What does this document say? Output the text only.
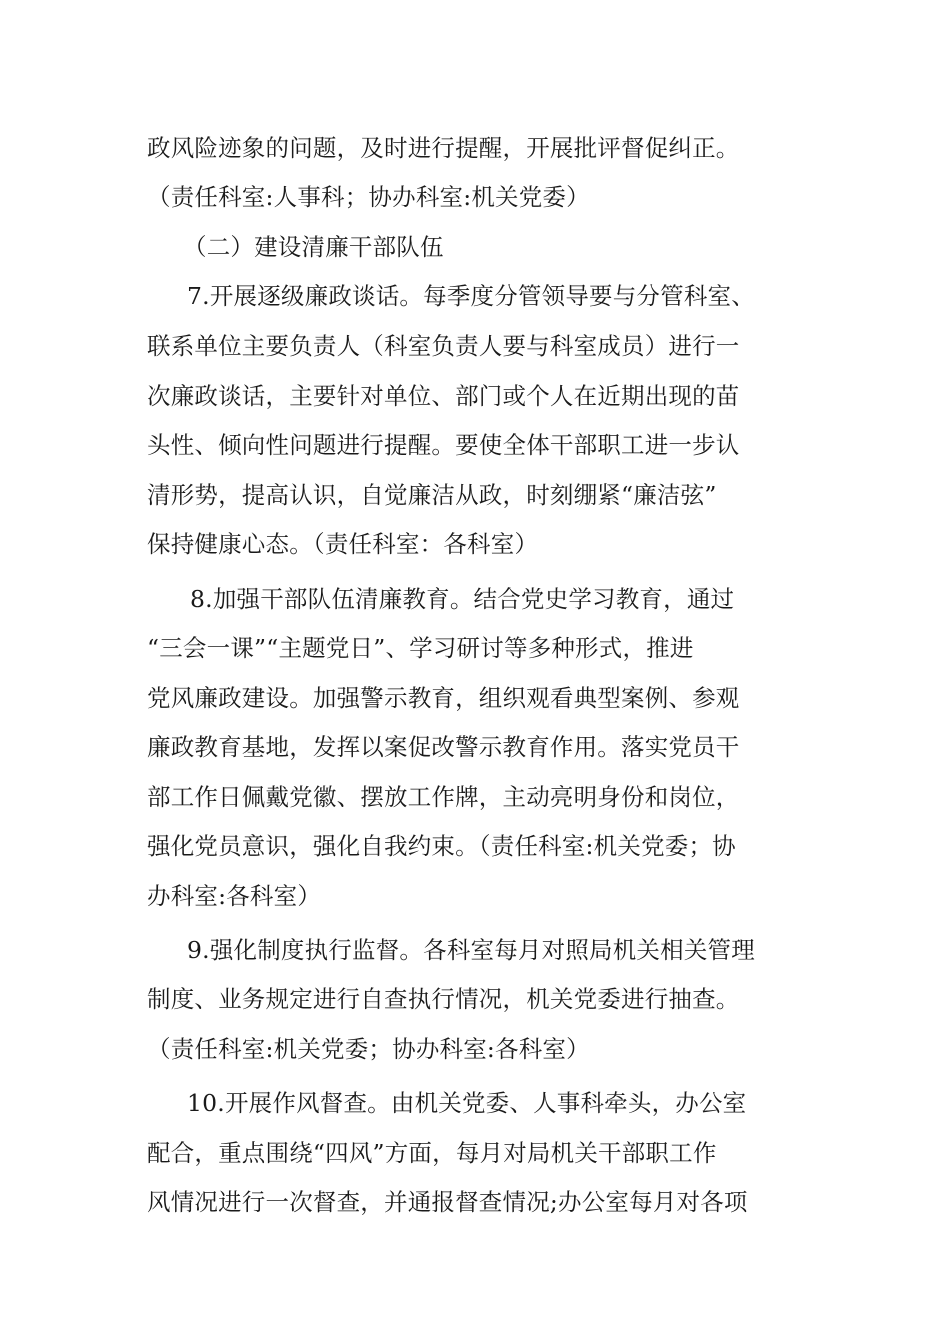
政风险迹象的问题，及时进行提醒，开展批评督促纠正。
（责任科室:人事科；协办科室:机关党委）
（二）建设清廉干部队伍
7.开展逐级廉政谈话。每季度分管领导要与分管科室、
联系单位主要负责人（科室负责人要与科室成员）进行一
次廉政谈话，主要针对单位、部门或个人在近期出现的苗
头性、倾向性问题进行提醒。要使全体干部职工进一步认
清形势，提高认识，自觉廉洁从政，时刻绷紧“廉洁弦”
保持健康心态。（责任科室：各科室）
8.加强干部队伍清廉教育。结合党史学习教育，通过
“三会一课”“主题党日”、学习研讨等多种形式，推进
党风廉政建设。加强警示教育，组织观看典型案例、参观
廉政教育基地，发挥以案促改警示教育作用。落实党员干
部工作日佩戴党徽、摆放工作牌，主动亮明身份和岗位，
强化党员意识，强化自我约束。（责任科室:机关党委；协
办科室:各科室）
9.强化制度执行监督。各科室每月对照局机关相关管理
制度、业务规定进行自查执行情况，机关党委进行抽查。
（责任科室:机关党委；协办科室:各科室）
10.开展作风督查。由机关党委、人事科牵头，办公室
配合，重点围绕“四风”方面，每月对局机关干部职工作
风情况进行一次督查，并通报督查情况;办公室每月对各项
